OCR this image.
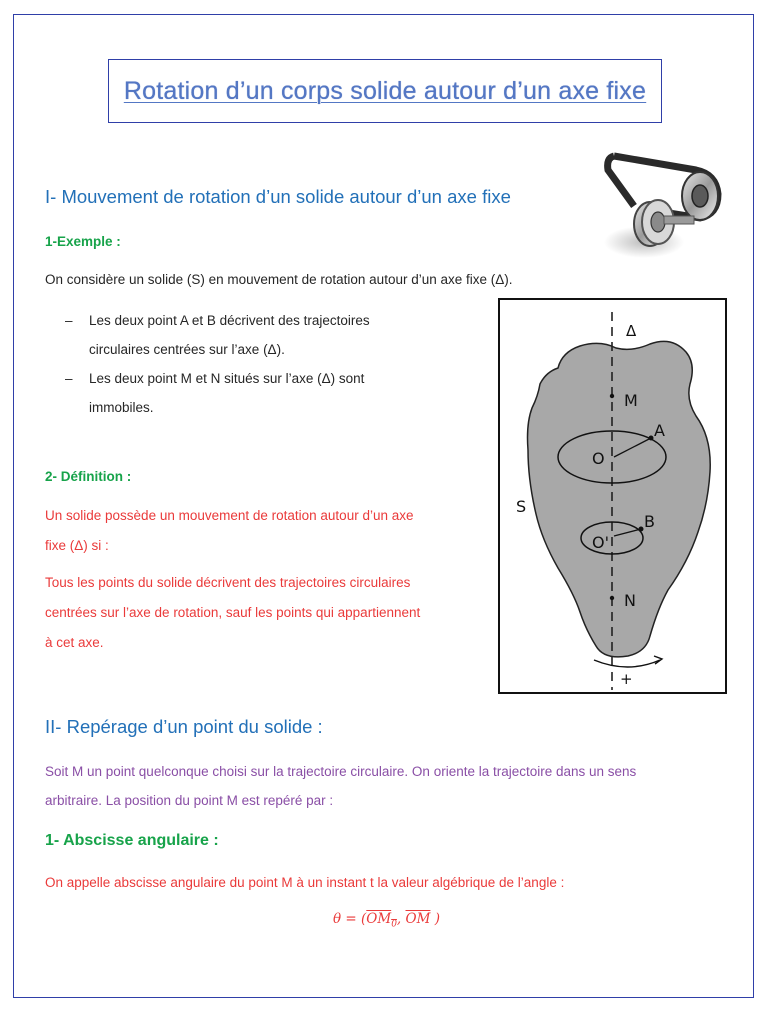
Rotation d’un corps solide autour d’un axe fixe
I- Mouvement de rotation d’un solide autour d’un axe fixe
1-Exemple :
On considère un solide (S) en mouvement de rotation autour d’un axe fixe (Δ).
– Les deux point A et B décrivent des trajectoires
circulaires centrées sur l’axe (Δ).
– Les deux point M et N situés sur l’axe (Δ) sont
immobiles.
2- Définition :
Un solide possède un mouvement de rotation autour d’un axe
fixe (Δ) si :
Tous les points du solide décrivent des trajectoires circulaires
centrées sur l’axe de rotation, sauf les points qui appartiennent
à cet axe.
Δ
M
A
O
S
B
O'
N
+
II- Repérage d’un point du solide :
Soit M un point quelconque choisi sur la trajectoire circulaire. On oriente la trajectoire dans un sens
arbitraire. La position du point M est repéré par :
1- Abscisse angulaire :
On appelle abscisse angulaire du point M à un instant t la valeur algébrique de l’angle :
$\theta = (OM_0$, $\overline{OM}$ )
